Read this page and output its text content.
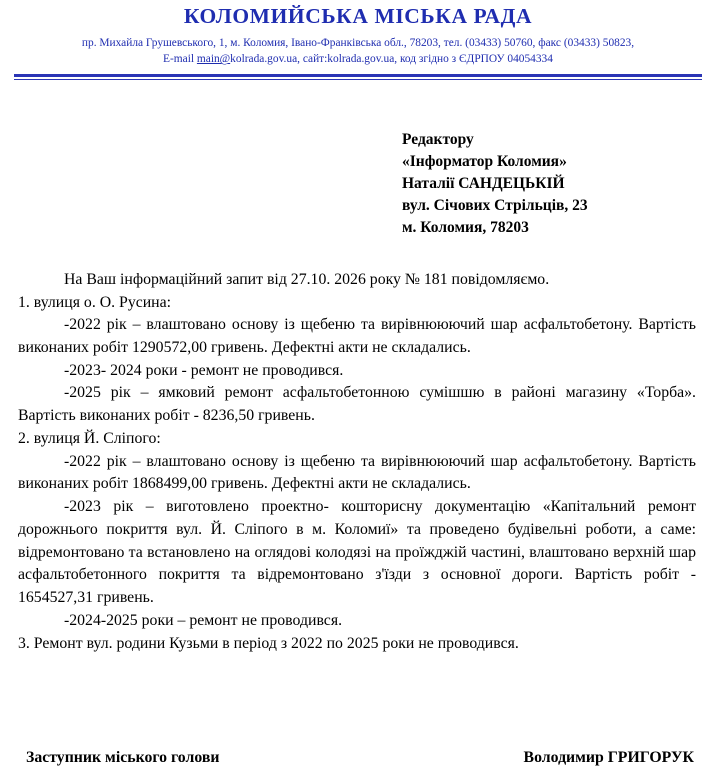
КОЛОМИЙСЬКА МІСЬКА РАДА
пр. Михайла Грушевського, 1, м. Коломия, Івано-Франківська обл., 78203, тел. (03433) 50760, факс (03433) 50823,
E-mail main@kolrada.gov.ua, сайт:kolrada.gov.ua, код згідно з ЄДРПОУ 04054334
Редактору
«Інформатор Коломия»
Наталії САНДЕЦЬКІЙ
вул. Січових Стрільців, 23
м. Коломия, 78203

На Ваш інформаційний запит від 27.10. 2026 року № 181 повідомляємо.

1. вулиця о. О. Русина:

-2022 рік – влаштовано основу із щебеню та вирівнююючий шар асфальтобетону. Вартість виконаних робіт 1290572,00 гривень. Дефектні акти не складались.

-2023- 2024 роки - ремонт не проводився.

-2025 рік – ямковий ремонт асфальтобетонною сумішшю в районі магазину «Торба». Вартість виконаних робіт - 8236,50 гривень.

2. вулиця Й. Сліпого:

-2022 рік – влаштовано основу із щебеню та вирівнююючий шар асфальтобетону. Вартість виконаних робіт 1868499,00 гривень. Дефектні акти не складались.

-2023 рік – виготовлено проектно- кошторисну документацію «Капітальний ремонт дорожнього покриття вул. Й. Сліпого в м. Коломиї» та проведено будівельні роботи, а саме: відремонтовано та встановлено на оглядові колодязі на проїжджій частині, влаштовано верхній шар асфальтобетонного покриття та відремонтовано з'їзди з основної дороги. Вартість робіт - 1654527,31 гривень.

-2024-2025 роки – ремонт не проводився.

3. Ремонт вул. родини Кузьми в період з 2022 по 2025 роки не проводився.

Заступник міського голови	Володимир ГРИГОРУК
